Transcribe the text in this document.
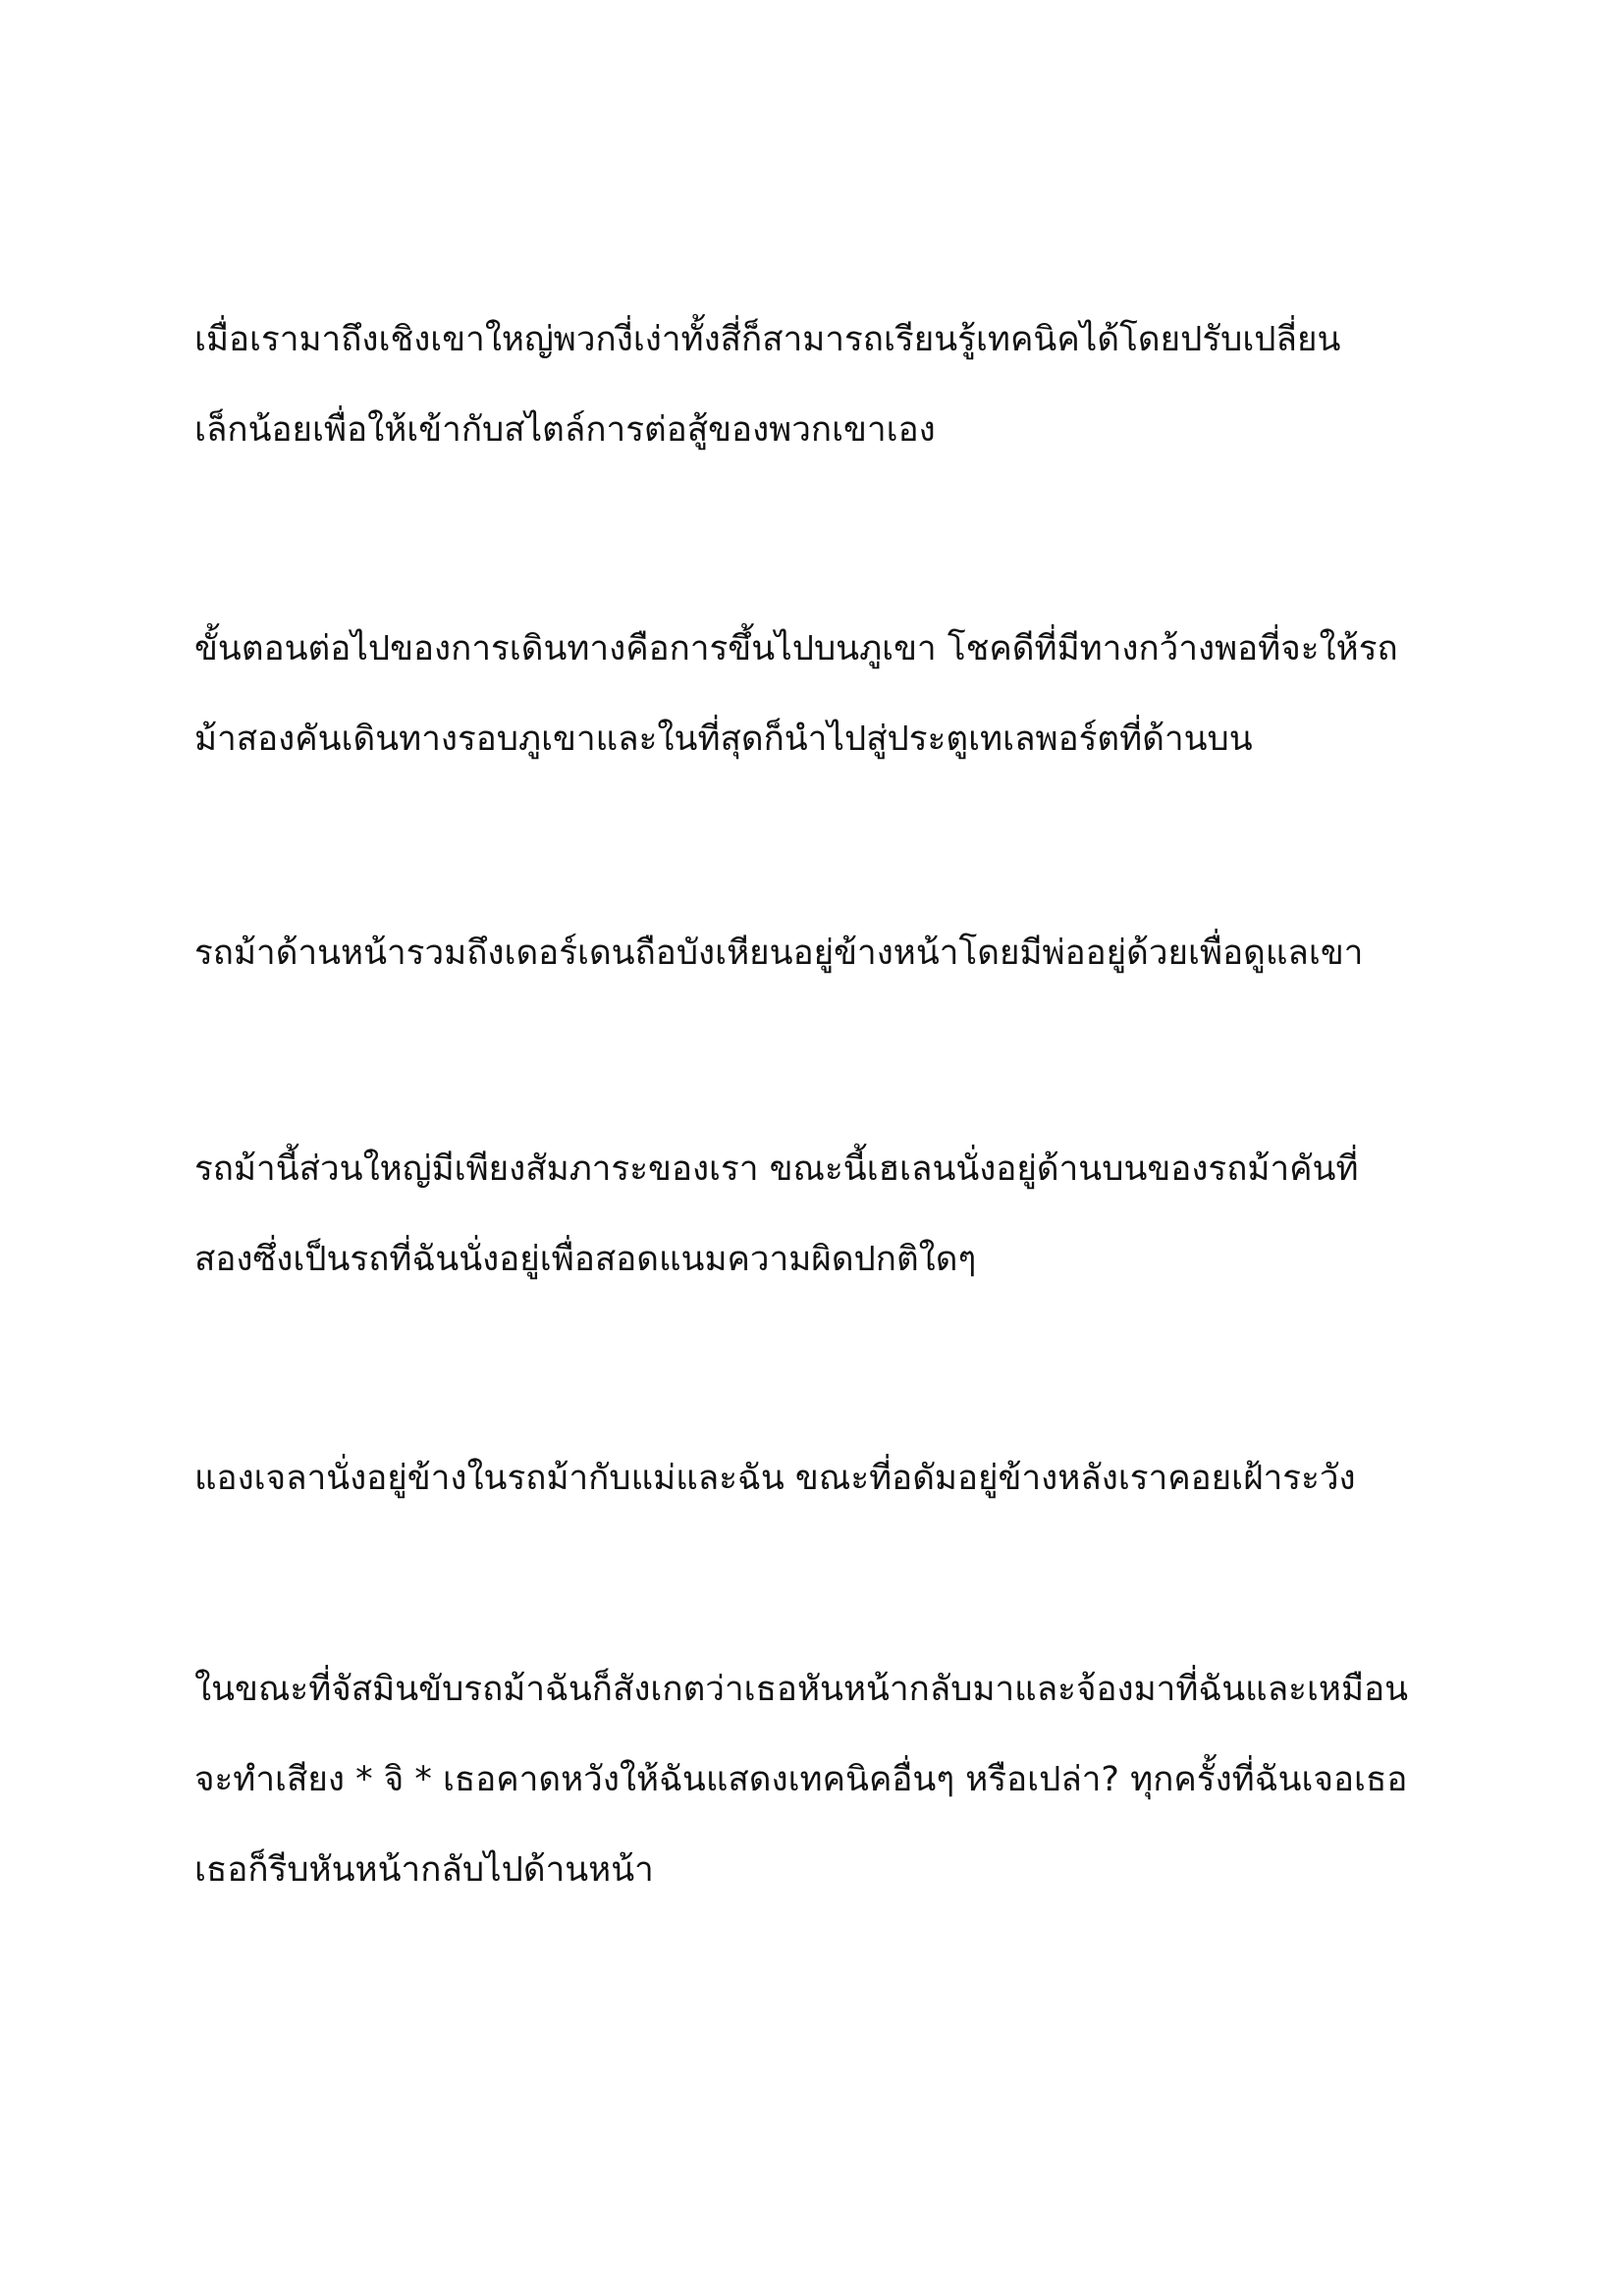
เมื่อเรามาถึงเชิงเขาใหญ่พวกงี่เง่าทั้งสี่ก็สามารถเรียนรู้เทคนิคได้โดยปรับเปลี่ยน
เล็กน้อยเพื่อให้เข้ากับสไตล์การต่อสู้ของพวกเขาเอง

ขั้นตอนต่อไปของการเดินทางคือการขึ้นไปบนภูเขา โชคดีที่มีทางกว้างพอที่จะให้รถ
ม้าสองคันเดินทางรอบภูเขาและในที่สุดก็นำไปสู่ประตูเทเลพอร์ตที่ด้านบน

รถม้าด้านหน้ารวมถึงเดอร์เดนถือบังเหียนอยู่ข้างหน้าโดยมีพ่ออยู่ด้วยเพื่อดูแลเขา

รถม้านี้ส่วนใหญ่มีเพียงสัมภาระของเรา ขณะนี้เฮเลนนั่งอยู่ด้านบนของรถม้าคันที่
สองซึ่งเป็นรถที่ฉันนั่งอยู่เพื่อสอดแนมความผิดปกติใดๆ

แองเจลานั่งอยู่ข้างในรถม้ากับแม่และฉัน ขณะที่อดัมอยู่ข้างหลังเราคอยเฝ้าระวัง

ในขณะที่จัสมินขับรถม้าฉันก็สังเกตว่าเธอหันหน้ากลับมาและจ้องมาที่ฉันและเหมือน
จะทำเสียง * จิ * เธอคาดหวังให้ฉันแสดงเทคนิคอื่นๆ หรือเปล่า? ทุกครั้งที่ฉันเจอเธอ
เธอก็รีบหันหน้ากลับไปด้านหน้า
